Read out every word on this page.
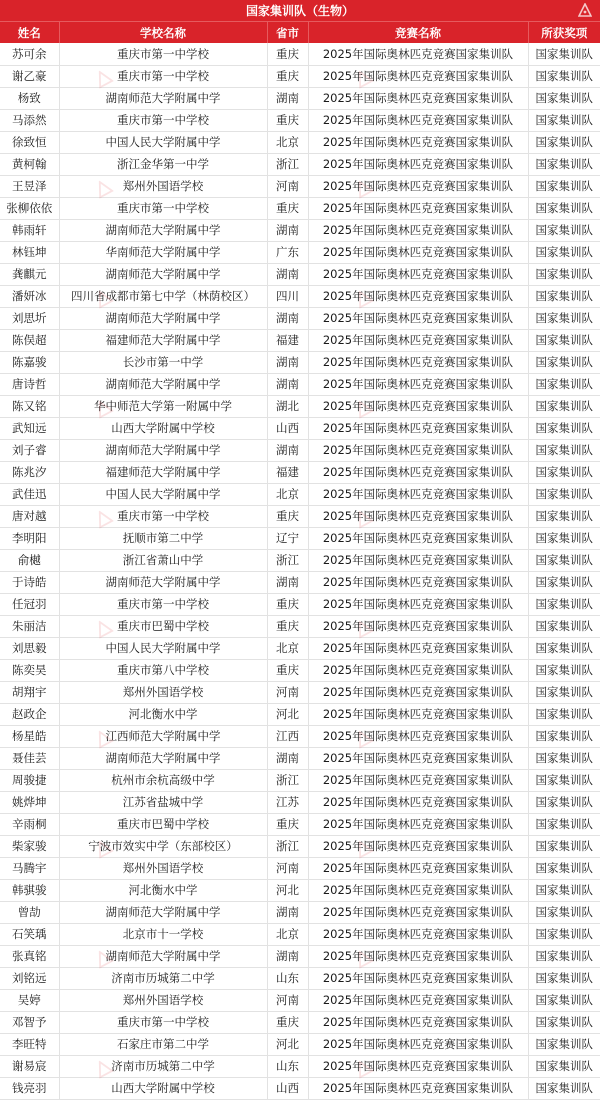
国家集训队（生物）
姓名	学校名称	省市	竞赛名称	所获奖项
苏可余	重庆市第一中学校	重庆	2025年国际奥林匹克竞赛国家集训队	国家集训队
谢乙豪	重庆市第一中学校	重庆	2025年国际奥林匹克竞赛国家集训队	国家集训队
杨致	湖南师范大学附属中学	湖南	2025年国际奥林匹克竞赛国家集训队	国家集训队
马添然	重庆市第一中学校	重庆	2025年国际奥林匹克竞赛国家集训队	国家集训队
徐致恒	中国人民大学附属中学	北京	2025年国际奥林匹克竞赛国家集训队	国家集训队
黄柯翰	浙江金华第一中学	浙江	2025年国际奥林匹克竞赛国家集训队	国家集训队
王昱泽	郑州外国语学校	河南	2025年国际奥林匹克竞赛国家集训队	国家集训队
张柳依依	重庆市第一中学校	重庆	2025年国际奥林匹克竞赛国家集训队	国家集训队
韩雨轩	湖南师范大学附属中学	湖南	2025年国际奥林匹克竞赛国家集训队	国家集训队
林钰坤	华南师范大学附属中学	广东	2025年国际奥林匹克竞赛国家集训队	国家集训队
龚麒元	湖南师范大学附属中学	湖南	2025年国际奥林匹克竞赛国家集训队	国家集训队
潘妍冰	四川省成都市第七中学（林荫校区）	四川	2025年国际奥林匹克竞赛国家集训队	国家集训队
刘思圻	湖南师范大学附属中学	湖南	2025年国际奥林匹克竞赛国家集训队	国家集训队
陈俣超	福建师范大学附属中学	福建	2025年国际奥林匹克竞赛国家集训队	国家集训队
陈嘉骏	长沙市第一中学	湖南	2025年国际奥林匹克竞赛国家集训队	国家集训队
唐诗哲	湖南师范大学附属中学	湖南	2025年国际奥林匹克竞赛国家集训队	国家集训队
陈又铭	华中师范大学第一附属中学	湖北	2025年国际奥林匹克竞赛国家集训队	国家集训队
武知远	山西大学附属中学校	山西	2025年国际奥林匹克竞赛国家集训队	国家集训队
刘子睿	湖南师范大学附属中学	湖南	2025年国际奥林匹克竞赛国家集训队	国家集训队
陈兆汐	福建师范大学附属中学	福建	2025年国际奥林匹克竞赛国家集训队	国家集训队
武佳迅	中国人民大学附属中学	北京	2025年国际奥林匹克竞赛国家集训队	国家集训队
唐对越	重庆市第一中学校	重庆	2025年国际奥林匹克竞赛国家集训队	国家集训队
李明阳	抚顺市第二中学	辽宁	2025年国际奥林匹克竞赛国家集训队	国家集训队
俞樾	浙江省萧山中学	浙江	2025年国际奥林匹克竞赛国家集训队	国家集训队
于诗皓	湖南师范大学附属中学	湖南	2025年国际奥林匹克竞赛国家集训队	国家集训队
任冠羽	重庆市第一中学校	重庆	2025年国际奥林匹克竞赛国家集训队	国家集训队
朱丽洁	重庆市巴蜀中学校	重庆	2025年国际奥林匹克竞赛国家集训队	国家集训队
刘思毅	中国人民大学附属中学	北京	2025年国际奥林匹克竞赛国家集训队	国家集训队
陈奕昊	重庆市第八中学校	重庆	2025年国际奥林匹克竞赛国家集训队	国家集训队
胡翔宇	郑州外国语学校	河南	2025年国际奥林匹克竞赛国家集训队	国家集训队
赵政企	河北衡水中学	河北	2025年国际奥林匹克竞赛国家集训队	国家集训队
杨星皓	江西师范大学附属中学	江西	2025年国际奥林匹克竞赛国家集训队	国家集训队
聂佳芸	湖南师范大学附属中学	湖南	2025年国际奥林匹克竞赛国家集训队	国家集训队
周骏捷	杭州市余杭高级中学	浙江	2025年国际奥林匹克竞赛国家集训队	国家集训队
姚烨坤	江苏省盐城中学	江苏	2025年国际奥林匹克竞赛国家集训队	国家集训队
辛雨桐	重庆市巴蜀中学校	重庆	2025年国际奥林匹克竞赛国家集训队	国家集训队
柴家骏	宁波市效实中学（东部校区）	浙江	2025年国际奥林匹克竞赛国家集训队	国家集训队
马腾宇	郑州外国语学校	河南	2025年国际奥林匹克竞赛国家集训队	国家集训队
韩骐骏	河北衡水中学	河北	2025年国际奥林匹克竞赛国家集训队	国家集训队
曾劼	湖南师范大学附属中学	湖南	2025年国际奥林匹克竞赛国家集训队	国家集训队
石笑瑀	北京市十一学校	北京	2025年国际奥林匹克竞赛国家集训队	国家集训队
张真铭	湖南师范大学附属中学	湖南	2025年国际奥林匹克竞赛国家集训队	国家集训队
刘铭远	济南市历城第二中学	山东	2025年国际奥林匹克竞赛国家集训队	国家集训队
吴婷	郑州外国语学校	河南	2025年国际奥林匹克竞赛国家集训队	国家集训队
邓智予	重庆市第一中学校	重庆	2025年国际奥林匹克竞赛国家集训队	国家集训队
李旺特	石家庄市第二中学	河北	2025年国际奥林匹克竞赛国家集训队	国家集训队
谢易宸	济南市历城第二中学	山东	2025年国际奥林匹克竞赛国家集训队	国家集训队
钱亮羽	山西大学附属中学校	山西	2025年国际奥林匹克竞赛国家集训队	国家集训队
